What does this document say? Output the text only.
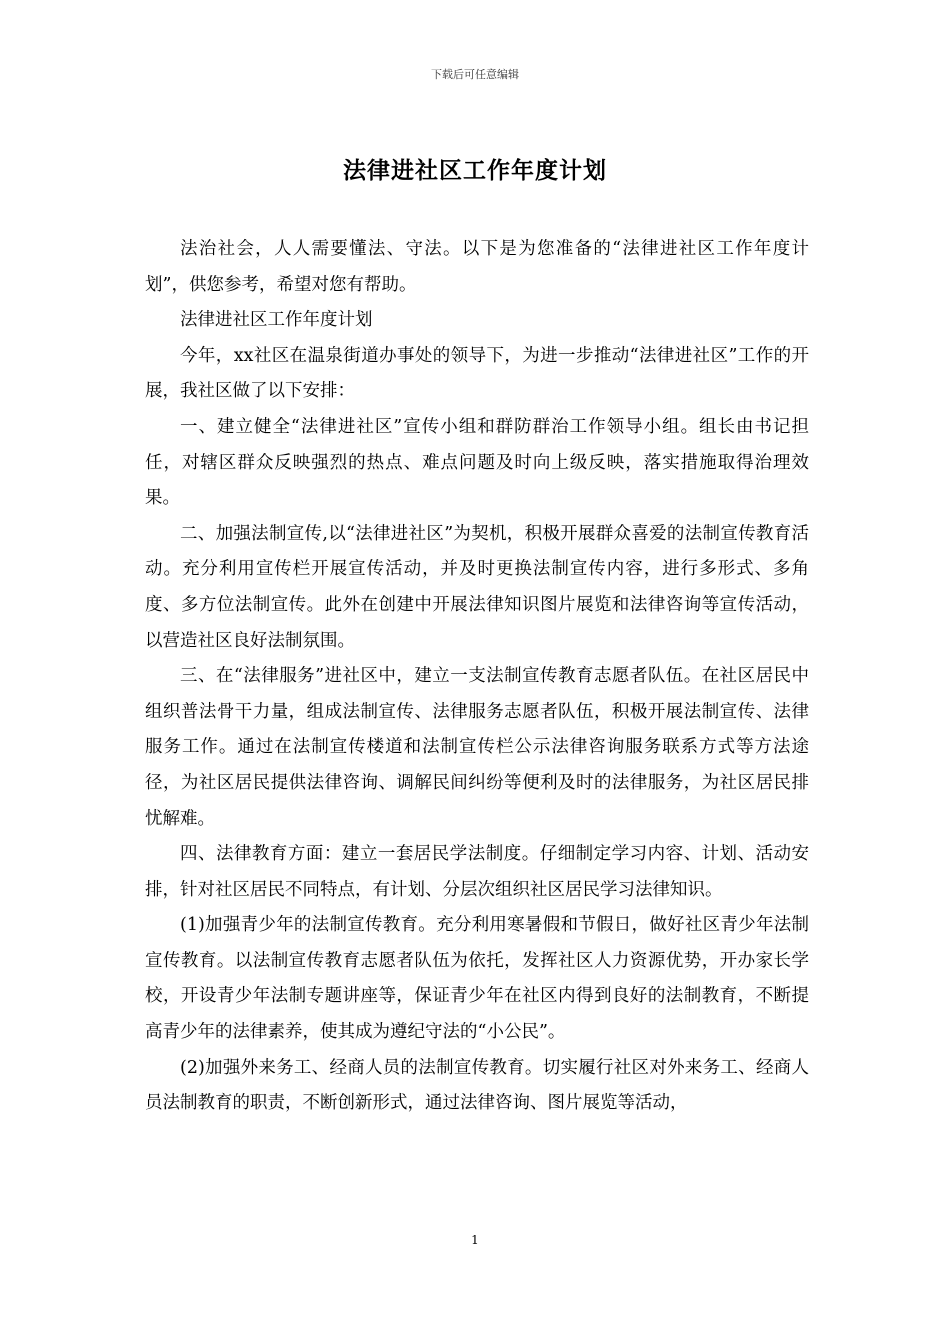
下载后可任意编辑
法律进社区工作年度计划

法治社会，人人需要懂法、守法。以下是为您准备的“法律进社区工作年度计划”，供您参考，希望对您有帮助。

法律进社区工作年度计划

今年，xx社区在温泉街道办事处的领导下，为进一步推动“法律进社区”工作的开展，我社区做了以下安排：

一、建立健全“法律进社区”宣传小组和群防群治工作领导小组。组长由书记担任，对辖区群众反映强烈的热点、难点问题及时向上级反映，落实措施取得治理效果。

二、加强法制宣传,以“法律进社区”为契机，积极开展群众喜爱的法制宣传教育活动。充分利用宣传栏开展宣传活动，并及时更换法制宣传内容，进行多形式、多角度、多方位法制宣传。此外在创建中开展法律知识图片展览和法律咨询等宣传活动，以营造社区良好法制氛围。

三、在“法律服务”进社区中，建立一支法制宣传教育志愿者队伍。在社区居民中组织普法骨干力量，组成法制宣传、法律服务志愿者队伍，积极开展法制宣传、法律服务工作。通过在法制宣传楼道和法制宣传栏公示法律咨询服务联系方式等方法途径，为社区居民提供法律咨询、调解民间纠纷等便利及时的法律服务，为社区居民排忧解难。

四、法律教育方面：建立一套居民学法制度。仔细制定学习内容、计划、活动安排，针对社区居民不同特点，有计划、分层次组织社区居民学习法律知识。

(1)加强青少年的法制宣传教育。充分利用寒暑假和节假日，做好社区青少年法制宣传教育。以法制宣传教育志愿者队伍为依托，发挥社区人力资源优势，开办家长学校，开设青少年法制专题讲座等，保证青少年在社区内得到良好的法制教育，不断提高青少年的法律素养，使其成为遵纪守法的“小公民”。

(2)加强外来务工、经商人员的法制宣传教育。切实履行社区对外来务工、经商人员法制教育的职责，不断创新形式，通过法律咨询、图片展览等活动，

1
